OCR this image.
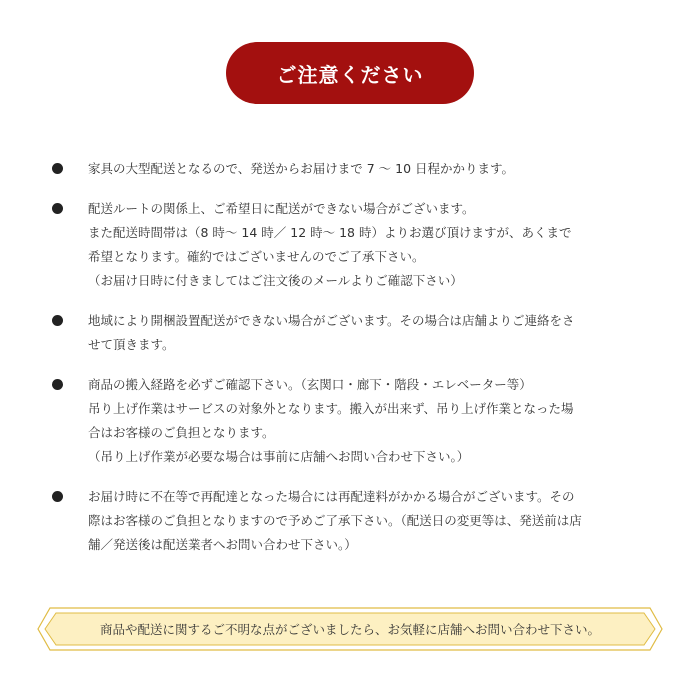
ご注意ください

家具の大型配送となるので、発送からお届けまで 7 〜 10 日程かかります。

配送ルートの関係上、ご希望日に配送ができない場合がございます。
また配送時間帯は（8 時〜 14 時／ 12 時〜 18 時）よりお選び頂けますが、あくまで
希望となります。確約ではございませんのでご了承下さい。
（お届け日時に付きましてはご注文後のメールよりご確認下さい）

地域により開梱設置配送ができない場合がございます。その場合は店舗よりご連絡をさ
せて頂きます。

商品の搬入経路を必ずご確認下さい。（玄関口・廊下・階段・エレベーター等）
吊り上げ作業はサービスの対象外となります。搬入が出来ず、吊り上げ作業となった場
合はお客様のご負担となります。
（吊り上げ作業が必要な場合は事前に店舗へお問い合わせ下さい。）

お届け時に不在等で再配達となった場合には再配達料がかかる場合がございます。その
際はお客様のご負担となりますので予めご了承下さい。（配送日の変更等は、発送前は店
舗／発送後は配送業者へお問い合わせ下さい。）

商品や配送に関するご不明な点がございましたら、お気軽に店舗へお問い合わせ下さい。
